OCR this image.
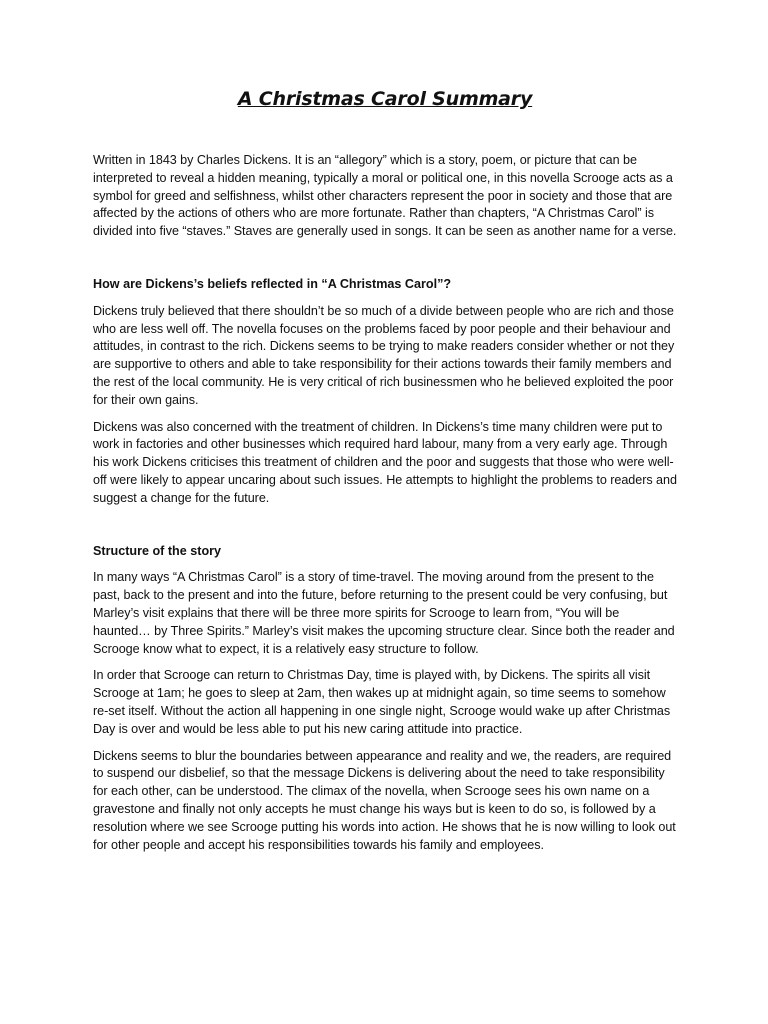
A Christmas Carol Summary

Written in 1843 by Charles Dickens. It is an “allegory” which is a story, poem, or picture that can be interpreted to reveal a hidden meaning, typically a moral or political one, in this novella Scrooge acts as a symbol for greed and selfishness, whilst other characters represent the poor in society and those that are affected by the actions of others who are more fortunate. Rather than chapters, “A Christmas Carol” is divided into five “staves.” Staves are generally used in songs. It can be seen as another name for a verse.

How are Dickens’s beliefs reflected in “A Christmas Carol”?

Dickens truly believed that there shouldn’t be so much of a divide between people who are rich and those who are less well off. The novella focuses on the problems faced by poor people and their behaviour and attitudes, in contrast to the rich. Dickens seems to be trying to make readers consider whether or not they are supportive to others and able to take responsibility for their actions towards their family members and the rest of the local community. He is very critical of rich businessmen who he believed exploited the poor for their own gains.

Dickens was also concerned with the treatment of children. In Dickens’s time many children were put to work in factories and other businesses which required hard labour, many from a very early age. Through his work Dickens criticises this treatment of children and the poor and suggests that those who were well-off were likely to appear uncaring about such issues. He attempts to highlight the problems to readers and suggest a change for the future.

Structure of the story

In many ways “A Christmas Carol” is a story of time-travel. The moving around from the present to the past, back to the present and into the future, before returning to the present could be very confusing, but Marley’s visit explains that there will be three more spirits for Scrooge to learn from, “You will be haunted… by Three Spirits.” Marley’s visit makes the upcoming structure clear. Since both the reader and Scrooge know what to expect, it is a relatively easy structure to follow.

In order that Scrooge can return to Christmas Day, time is played with, by Dickens. The spirits all visit Scrooge at 1am; he goes to sleep at 2am, then wakes up at midnight again, so time seems to somehow re-set itself. Without the action all happening in one single night, Scrooge would wake up after Christmas Day is over and would be less able to put his new caring attitude into practice.

Dickens seems to blur the boundaries between appearance and reality and we, the readers, are required to suspend our disbelief, so that the message Dickens is delivering about the need to take responsibility for each other, can be understood. The climax of the novella, when Scrooge sees his own name on a gravestone and finally not only accepts he must change his ways but is keen to do so, is followed by a resolution where we see Scrooge putting his words into action. He shows that he is now willing to look out for other people and accept his responsibilities towards his family and employees.
